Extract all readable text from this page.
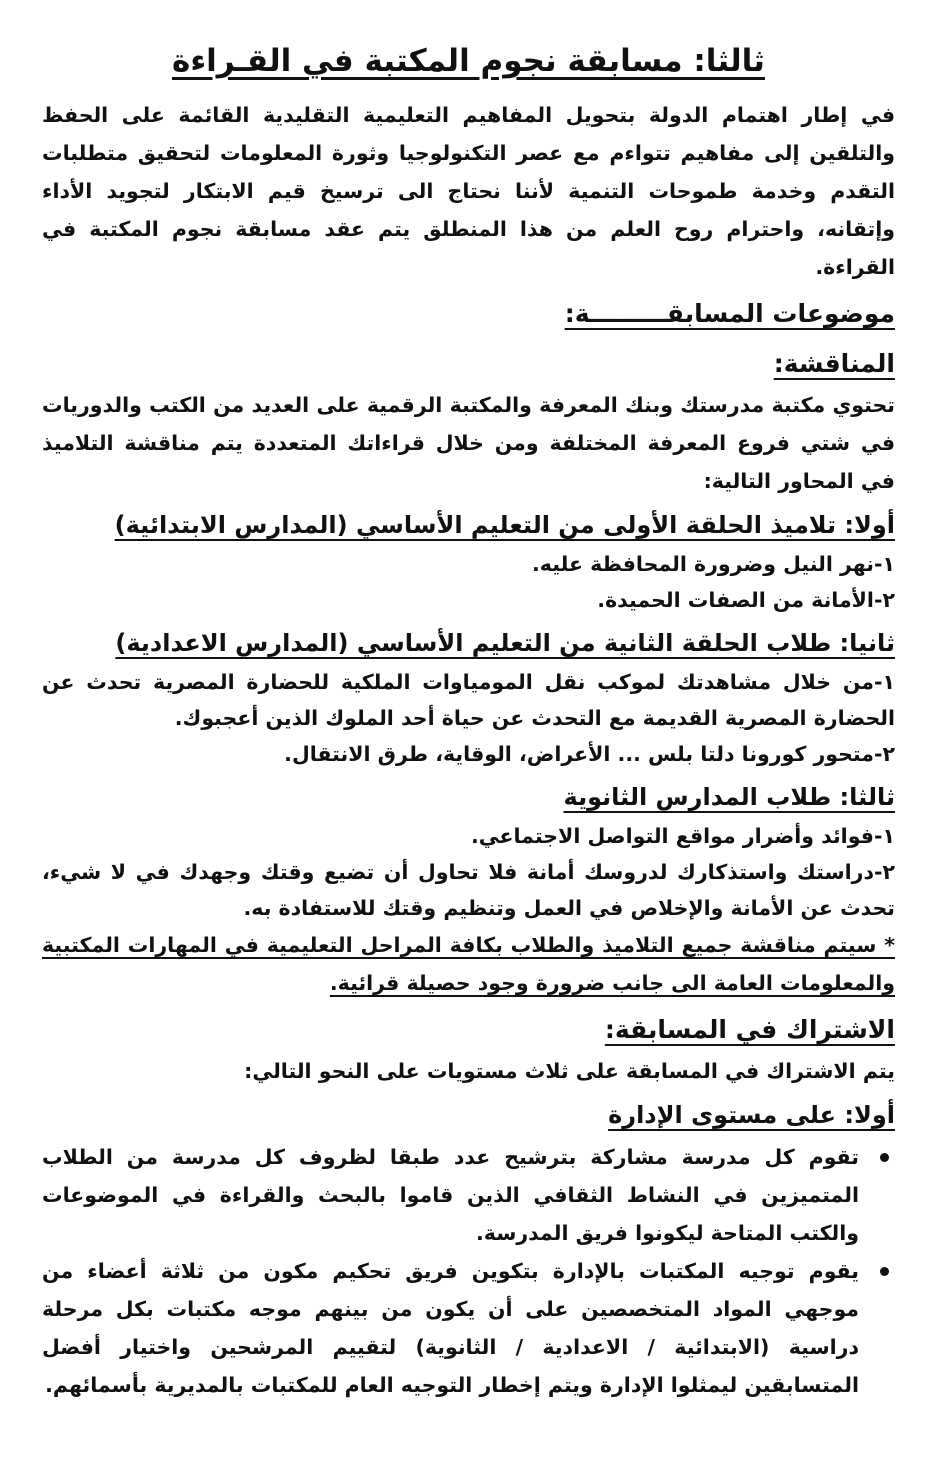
ثالثا: مسابقة نجوم المكتبة في القـراءة

في إطار اهتمام الدولة بتحويل المفاهيم التعليمية التقليدية القائمة على الحفظ والتلقين إلى مفاهيم تتواءم مع عصر التكنولوجيا وثورة المعلومات لتحقيق متطلبات التقدم وخدمة طموحات التنمية لأننا نحتاج الى ترسيخ قيم الابتكار لتجويد الأداء وإتقانه، واحترام روح العلم من هذا المنطلق يتم عقد مسابقة نجوم المكتبة في القراءة.

موضوعات المسابقـــــــــة:
المناقشة:

تحتوي مكتبة مدرستك وبنك المعرفة والمكتبة الرقمية على العديد من الكتب والدوريات في شتي فروع المعرفة المختلفة ومن خلال قراءاتك المتعددة يتم مناقشة التلاميذ في المحاور التالية:

أولا: تلاميذ الحلقة الأولى من التعليم الأساسي (المدارس الابتدائية)

١-نهر النيل وضرورة المحافظة عليه.

٢-الأمانة من الصفات الحميدة.

ثانيا: طلاب الحلقة الثانية من التعليم الأساسي (المدارس الاعدادية)

١-من خلال مشاهدتك لموكب نقل المومياوات الملكية للحضارة المصرية تحدث عن الحضارة المصرية القديمة مع التحدث عن حياة أحد الملوك الذين أعجبوك.

٢-متحور كورونا دلتا بلس ... الأعراض، الوقاية، طرق الانتقال.

ثالثا: طلاب المدارس الثانوية

١-فوائد وأضرار مواقع التواصل الاجتماعي.

٢-دراستك واستذكارك لدروسك أمانة فلا تحاول أن تضيع وقتك وجهدك في لا شيء، تحدث عن الأمانة والإخلاص في العمل وتنظيم وقتك للاستفادة به.

* سيتم مناقشة جميع التلاميذ والطلاب بكافة المراحل التعليمية في المهارات المكتبية والمعلومات العامة الى جانب ضرورة وجود حصيلة قرائية.

الاشتراك في المسابقة:

يتم الاشتراك في المسابقة على ثلاث مستويات على النحو التالي:

أولا: على مستوى الإدارة
تقوم كل مدرسة مشاركة بترشيح عدد طبقا لظروف كل مدرسة من الطلاب المتميزين في النشاط الثقافي الذين قاموا بالبحث والقراءة في الموضوعات والكتب المتاحة ليكونوا فريق المدرسة.
يقوم توجيه المكتبات بالإدارة بتكوين فريق تحكيم مكون من ثلاثة أعضاء من موجهي المواد المتخصصين على أن يكون من بينهم موجه مكتبات بكل مرحلة دراسية (الابتدائية / الاعدادية / الثانوية) لتقييم المرشحين واختيار أفضل المتسابقين ليمثلوا الإدارة ويتم إخطار التوجيه العام للمكتبات بالمديرية بأسمائهم.
